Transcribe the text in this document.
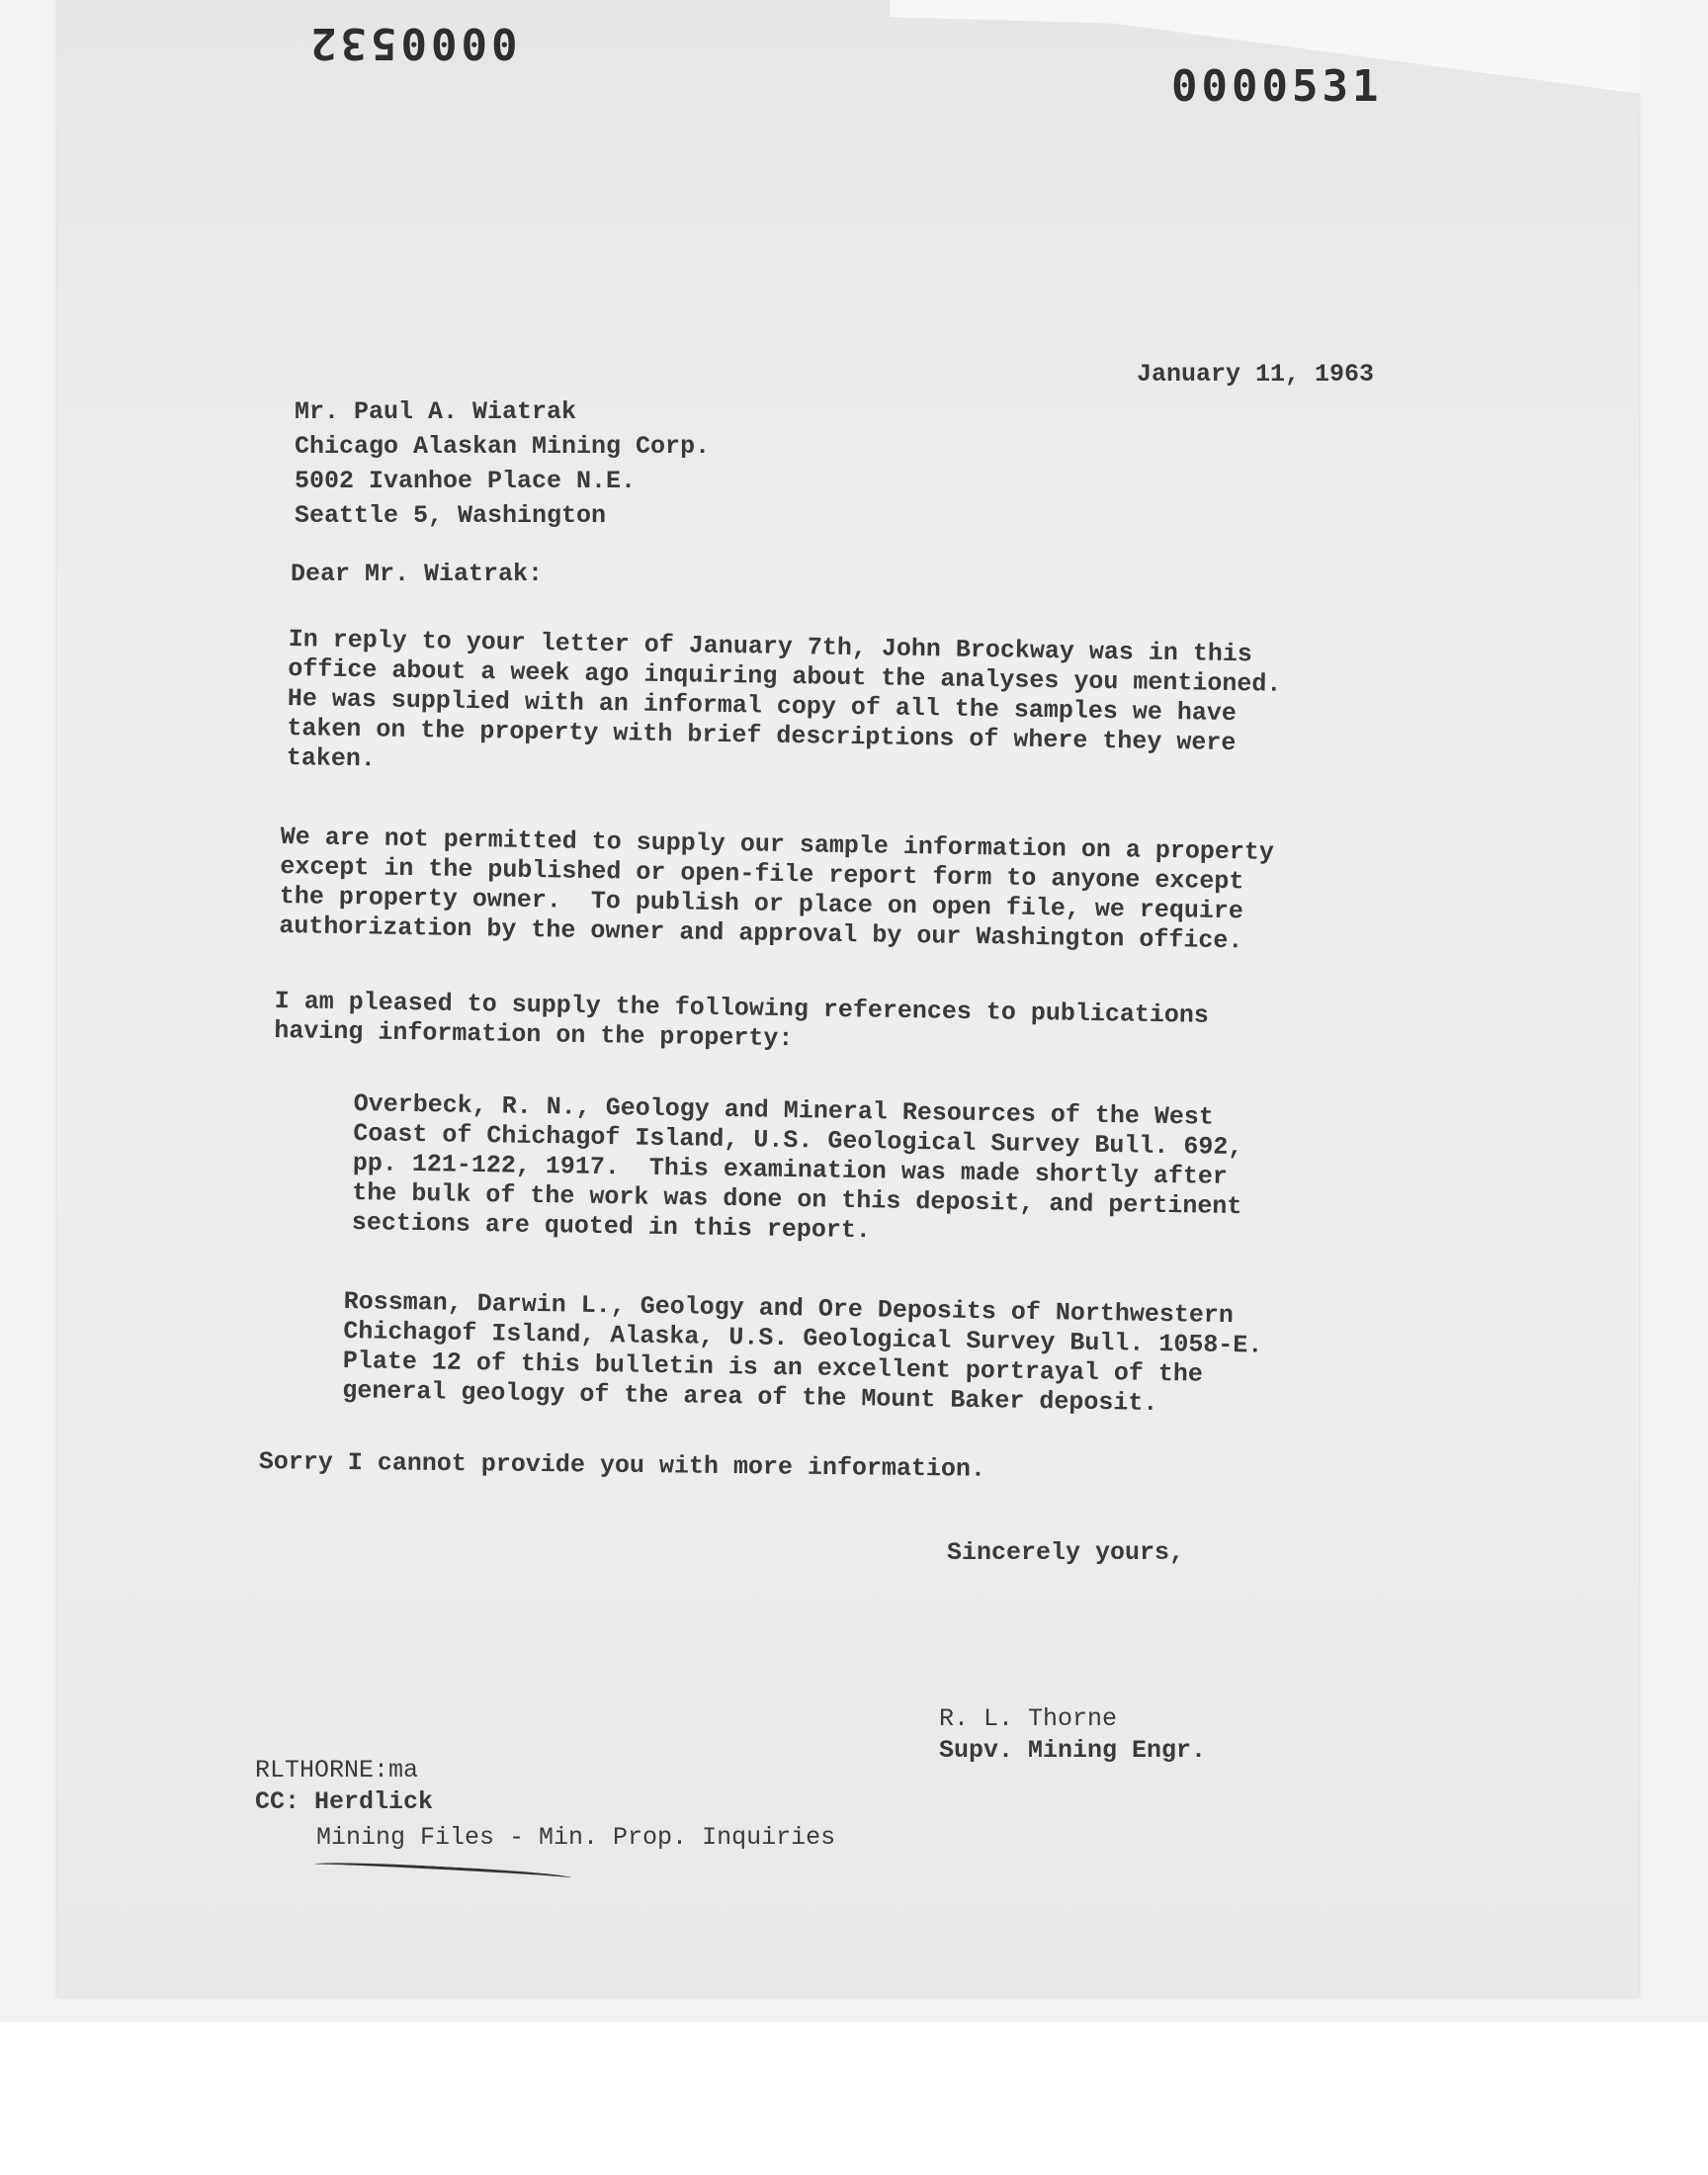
0000532

0000531

January 11, 1963

Mr. Paul A. Wiatrak

Chicago Alaskan Mining Corp.

5002 Ivanhoe Place N.E.

Seattle 5, Washington

Dear Mr. Wiatrak:

In reply to your letter of January 7th, John Brockway was in this
office about a week ago inquiring about the analyses you mentioned.
He was supplied with an informal copy of all the samples we have
taken on the property with brief descriptions of where they were
taken.

We are not permitted to supply our sample information on a property
except in the published or open-file report form to anyone except
the property owner.  To publish or place on open file, we require
authorization by the owner and approval by our Washington office.

I am pleased to supply the following references to publications
having information on the property:

Overbeck, R. N., Geology and Mineral Resources of the West
Coast of Chichagof Island, U.S. Geological Survey Bull. 692,
pp. 121-122, 1917.  This examination was made shortly after
the bulk of the work was done on this deposit, and pertinent
sections are quoted in this report.

Rossman, Darwin L., Geology and Ore Deposits of Northwestern
Chichagof Island, Alaska, U.S. Geological Survey Bull. 1058-E.
Plate 12 of this bulletin is an excellent portrayal of the
general geology of the area of the Mount Baker deposit.

Sorry I cannot provide you with more information.

Sincerely yours,

R. L. Thorne

Supv. Mining Engr.

RLTHORNE:ma

CC: Herdlick

Mining Files - Min. Prop. Inquiries
